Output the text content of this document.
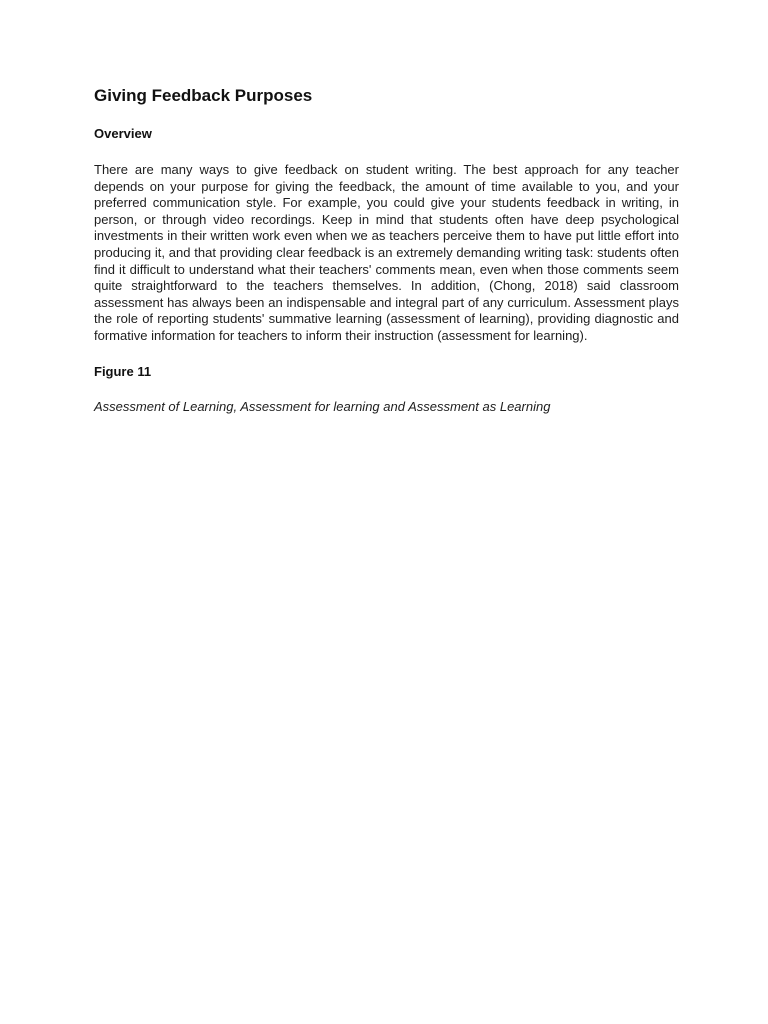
Giving Feedback Purposes
Overview

There are many ways to give feedback on student writing. The best approach for any teacher depends on your purpose for giving the feedback, the amount of time available to you, and your preferred communication style. For example, you could give your students feedback in writing, in person, or through video recordings. Keep in mind that students often have deep psychological investments in their written work even when we as teachers perceive them to have put little effort into producing it, and that providing clear feedback is an extremely demanding writing task: students often find it difficult to understand what their teachers' comments mean, even when those comments seem quite straightforward to the teachers themselves. In addition, (Chong, 2018) said classroom assessment has always been an indispensable and integral part of any curriculum. Assessment plays the role of reporting students' summative learning (assessment of learning), providing diagnostic and formative information for teachers to inform their instruction (assessment for learning).

Figure 11

Assessment of Learning, Assessment for learning and Assessment as Learning
